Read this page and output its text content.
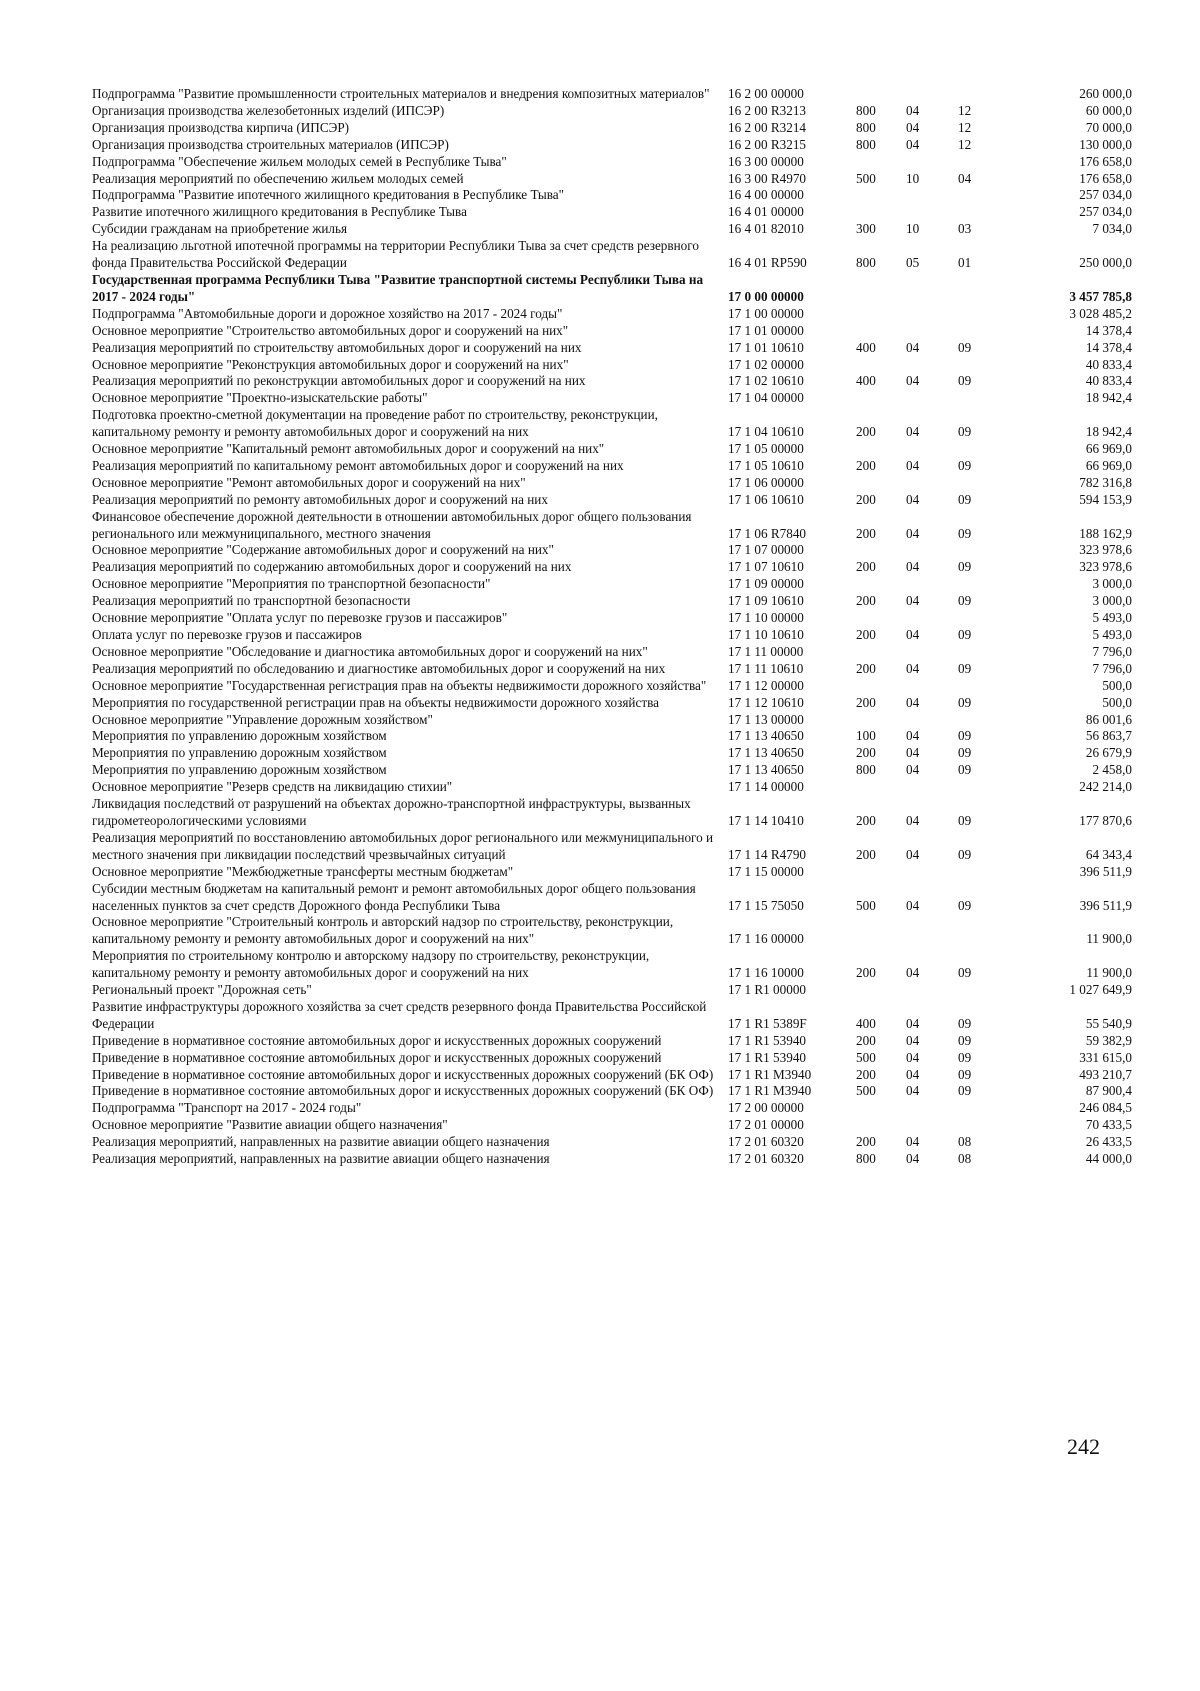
Подпрограмма "Развитие промышленности строительных материалов и внедрения композитных материалов"	16 2 00 00000				260 000,0
Организация производства железобетонных изделий (ИПСЭР)	16 2 00 R3213	800	04	12	60 000,0
Организация производства кирпича (ИПСЭР)	16 2 00 R3214	800	04	12	70 000,0
Организация производства строительных материалов (ИПСЭР)	16 2 00 R3215	800	04	12	130 000,0
Подпрограмма "Обеспечение жильем молодых семей в Республике Тыва"	16 3 00 00000				176 658,0
Реализация мероприятий по обеспечению жильем молодых семей	16 3 00 R4970	500	10	04	176 658,0
Подпрограмма "Развитие ипотечного жилищного кредитования в Республике Тыва"	16 4 00 00000				257 034,0
Развитие ипотечного жилищного кредитования в Республике Тыва	16 4 01 00000				257 034,0
Субсидии гражданам на приобретение жилья	16 4 01 82010	300	10	03	7 034,0
На реализацию льготной ипотечной программы на территории Республики Тыва за счет средств резервного фонда Правительства Российской Федерации	16 4 01 RP590	800	05	01	250 000,0
Государственная программа Республики Тыва "Развитие транспортной системы Республики Тыва на 2017 - 2024 годы"	17 0 00 00000				3 457 785,8
Подпрограмма "Автомобильные дороги и дорожное хозяйство на 2017 - 2024 годы"	17 1 00 00000				3 028 485,2
Основное мероприятие "Строительство автомобильных дорог и сооружений на них"	17 1 01 00000				14 378,4
Реализация мероприятий по строительству автомобильных дорог и сооружений на них	17 1 01 10610	400	04	09	14 378,4
Основное мероприятие "Реконструкция автомобильных дорог и сооружений на них"	17 1 02 00000				40 833,4
Реализация мероприятий по реконструкции автомобильных дорог и сооружений на них	17 1 02 10610	400	04	09	40 833,4
Основное мероприятие "Проектно-изыскательские работы"	17 1 04 00000				18 942,4
Подготовка проектно-сметной документации на проведение работ по строительству, реконструкции, капитальному ремонту и ремонту автомобильных дорог и сооружений на них	17 1 04 10610	200	04	09	18 942,4
Основное мероприятие "Капитальный ремонт автомобильных дорог и сооружений на них"	17 1 05 00000				66 969,0
Реализация мероприятий по капитальному ремонт автомобильных дорог и сооружений на них	17 1 05 10610	200	04	09	66 969,0
Основное мероприятие "Ремонт автомобильных дорог и сооружений на них"	17 1 06 00000				782 316,8
Реализация мероприятий по ремонту автомобильных дорог и сооружений на них	17 1 06 10610	200	04	09	594 153,9
Финансовое обеспечение дорожной деятельности в отношении автомобильных дорог общего пользования регионального или межмуниципального, местного значения	17 1 06 R7840	200	04	09	188 162,9
Основное мероприятие "Содержание автомобильных дорог и сооружений на них"	17 1 07 00000				323 978,6
Реализация мероприятий по содержанию автомобильных дорог и сооружений на них	17 1 07 10610	200	04	09	323 978,6
Основное мероприятие "Мероприятия по транспортной безопасности"	17 1 09 00000				3 000,0
Реализация мероприятий по транспортной безопасности	17 1 09 10610	200	04	09	3 000,0
Основние мероприятие "Оплата услуг по перевозке грузов и пассажиров"	17 1 10 00000				5 493,0
Оплата услуг по перевозке грузов и пассажиров	17 1 10 10610	200	04	09	5 493,0
Основное мероприятие "Обследование и диагностика автомобильных дорог и сооружений на них"	17 1 11 00000				7 796,0
Реализация мероприятий по обследованию и диагностике автомобильных дорог и сооружений на них	17 1 11 10610	200	04	09	7 796,0
Основное мероприятие "Государственная регистрация прав на объекты недвижимости дорожного хозяйства"	17 1 12 00000				500,0
Мероприятия по государственной регистрации прав на объекты недвижимости дорожного хозяйства	17 1 12 10610	200	04	09	500,0
Основное мероприятие "Управление дорожным хозяйством"	17 1 13 00000				86 001,6
Мероприятия по управлению дорожным хозяйством	17 1 13 40650	100	04	09	56 863,7
Мероприятия по управлению дорожным хозяйством	17 1 13 40650	200	04	09	26 679,9
Мероприятия по управлению дорожным хозяйством	17 1 13 40650	800	04	09	2 458,0
Основное мероприятие "Резерв средств на ликвидацию стихии"	17 1 14 00000				242 214,0
Ликвидация последствий от разрушений на объектах дорожно-транспортной инфраструктуры, вызванных гидрометеорологическими условиями	17 1 14 10410	200	04	09	177 870,6
Реализация мероприятий по восстановлению автомобильных дорог регионального или межмуниципального и местного значения при ликвидации последствий чрезвычайных ситуаций	17 1 14 R4790	200	04	09	64 343,4
Основное мероприятие "Межбюджетные трансферты местным бюджетам"	17 1 15 00000				396 511,9
Субсидии местным бюджетам на капитальный ремонт и ремонт автомобильных дорог общего пользования населенных пунктов за счет средств Дорожного фонда Республики Тыва	17 1 15 75050	500	04	09	396 511,9
Основное мероприятие "Строительный контроль и авторский надзор по строительству, реконструкции, капитальному ремонту и ремонту автомобильных дорог и сооружений на них"	17 1 16 00000				11 900,0
Мероприятия по строительному контролю и авторскому надзору по строительству, реконструкции, капитальному ремонту и ремонту автомобильных дорог и сооружений на них	17 1 16 10000	200	04	09	11 900,0
Региональный проект "Дорожная сеть"	17 1 R1 00000				1 027 649,9
Развитие инфраструктуры дорожного хозяйства за счет средств резервного фонда Правительства Российской Федерации	17 1 R1 5389F	400	04	09	55 540,9
Приведение в нормативное состояние автомобильных дорог и искусственных дорожных сооружений	17 1 R1 53940	200	04	09	59 382,9
Приведение в нормативное состояние автомобильных дорог и искусственных дорожных сооружений	17 1 R1 53940	500	04	09	331 615,0
Приведение в нормативное состояние автомобильных дорог и искусственных дорожных сооружений (БК ОФ)	17 1 R1 M3940	200	04	09	493 210,7
Приведение в нормативное состояние автомобильных дорог и искусственных дорожных сооружений (БК ОФ)	17 1 R1 M3940	500	04	09	87 900,4
Подпрограмма "Транспорт на 2017 - 2024 годы"	17 2 00 00000				246 084,5
Основное мероприятие "Развитие авиации общего назначения"	17 2 01 00000				70 433,5
Реализация мероприятий, направленных на развитие авиации общего назначения	17 2 01 60320	200	04	08	26 433,5
Реализация мероприятий, направленных на развитие авиации общего назначения	17 2 01 60320	800	04	08	44 000,0
242
